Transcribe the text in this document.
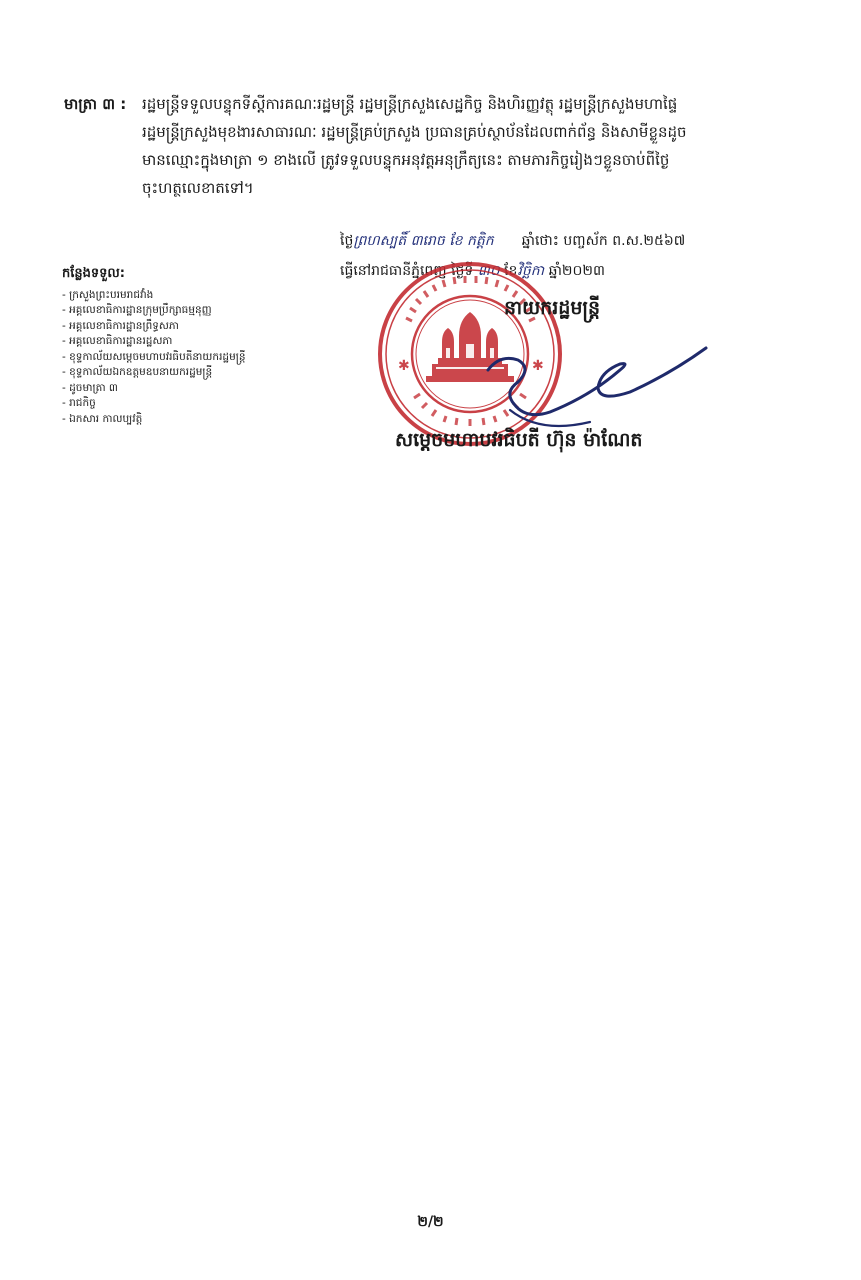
មាត្រា ៣ :	រដ្ឋមន្ត្រីទទួលបន្ទុកទីស្តីការគណៈរដ្ឋមន្ត្រី រដ្ឋមន្ត្រីក្រសួងសេដ្ឋកិច្ច និងហិរញ្ញវត្ថុ រដ្ឋមន្ត្រីក្រសួងមហាផ្ទៃ
រដ្ឋមន្ត្រីក្រសួងមុខងារសាធារណៈ រដ្ឋមន្ត្រីគ្រប់ក្រសួង ប្រធានគ្រប់ស្ថាប័នដែលពាក់ព័ន្ធ និងសាមីខ្លួនដូច
មានឈ្មោះក្នុងមាត្រា ១ ខាងលើ ត្រូវទទួលបន្ទុកអនុវត្តអនុក្រឹត្យនេះ តាមភារកិច្ចរៀងៗខ្លួនចាប់ពីថ្ងៃ
ចុះហត្ថលេខាតទៅ។
ថ្ងៃព្រហស្បតិ៍ ៣រោច ខែ កត្តិក ឆ្នាំថោះ បញ្ចស័ក ព.ស.២៥៦៧
ធ្វើនៅរាជធានីភ្នំពេញ ថ្ងៃទី ៣០ ខែវិច្ឆិកា ឆ្នាំ២០២៣
កន្លែងទទួល:
- ក្រសួងព្រះបរមរាជវាំង
- អគ្គលេខាធិការដ្ឋានក្រុមប្រឹក្សាធម្មនុញ្ញ
- អគ្គលេខាធិការដ្ឋានព្រឹទ្ធសភា
- អគ្គលេខាធិការដ្ឋានរដ្ឋសភា
- ខុទ្ទកាល័យសម្តេចមហាបវរធិបតីនាយករដ្ឋមន្ត្រី
- ខុទ្ទកាល័យឯកឧត្តមឧបនាយករដ្ឋមន្ត្រី
- ដូចមាត្រា ៣
- រាជកិច្ច
- ឯកសារ កាលប្បវត្តិ
✱	✱
នាយករដ្ឋមន្ត្រី
សម្តេចមហាបវរធិបតី ហ៊ុន ម៉ាណែត
២/២
